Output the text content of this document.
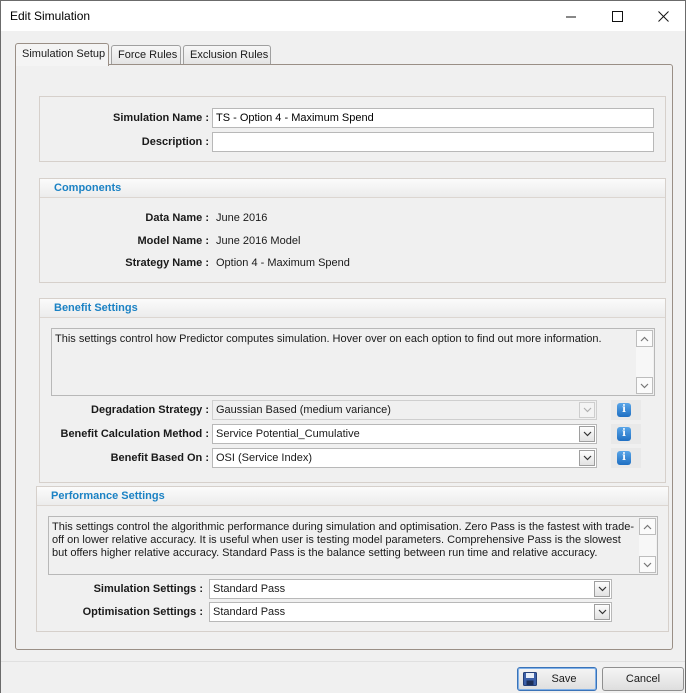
Edit Simulation
Simulation Setup	Force Rules	Exclusion Rules
Simulation Name :
TS - Option 4 - Maximum Spend
Description :
Components
Data Name : June 2016
Model Name : June 2016 Model
Strategy Name : Option 4 - Maximum Spend
Benefit Settings
This settings control how Predictor computes simulation. Hover over on each option to find out more information.
Degradation Strategy : Gaussian Based (medium variance)	i
Benefit Calculation Method : Service Potential_Cumulative	i
Benefit Based On : OSI (Service Index)	i
Performance Settings
This settings control the algorithmic performance during simulation and optimisation. Zero Pass is the fastest with trade-off on lower relative accuracy. It is useful when user is testing model parameters. Comprehensive Pass is the slowest but offers higher relative accuracy. Standard Pass is the balance setting between run time and relative accuracy.
Simulation Settings : Standard Pass
Optimisation Settings : Standard Pass
Save	Cancel
